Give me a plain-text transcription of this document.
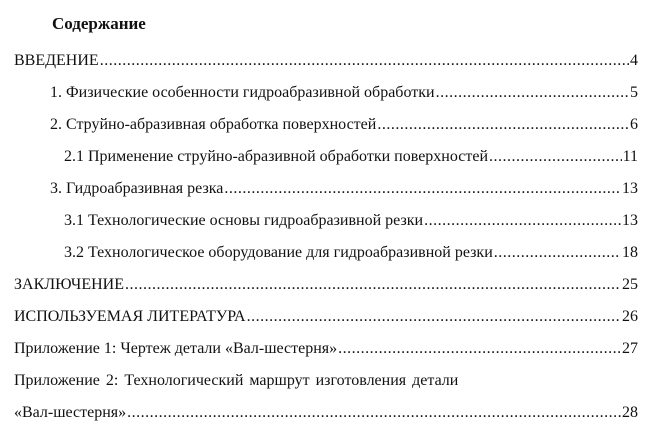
Содержание
ВВЕДЕНИЕ .....	4
1. Физические особенности гидроабразивной обработки .....	5
2. Струйно-абразивная обработка поверхностей .....	6
2.1 Применение струйно-абразивной обработки поверхностей .....	11
3. Гидроабразивная резка .....	13
3.1 Технологические основы гидроабразивной резки .....	13
3.2 Технологическое оборудование для гидроабразивной резки .....	18
ЗАКЛЮЧЕНИЕ .....	25
ИСПОЛЬЗУЕМАЯ ЛИТЕРАТУРА .....	26
Приложение 1: Чертеж детали «Вал-шестерня» .....	27
Приложение 2: Технологический маршрут изготовления детали
«Вал-шестерня» .....	28
